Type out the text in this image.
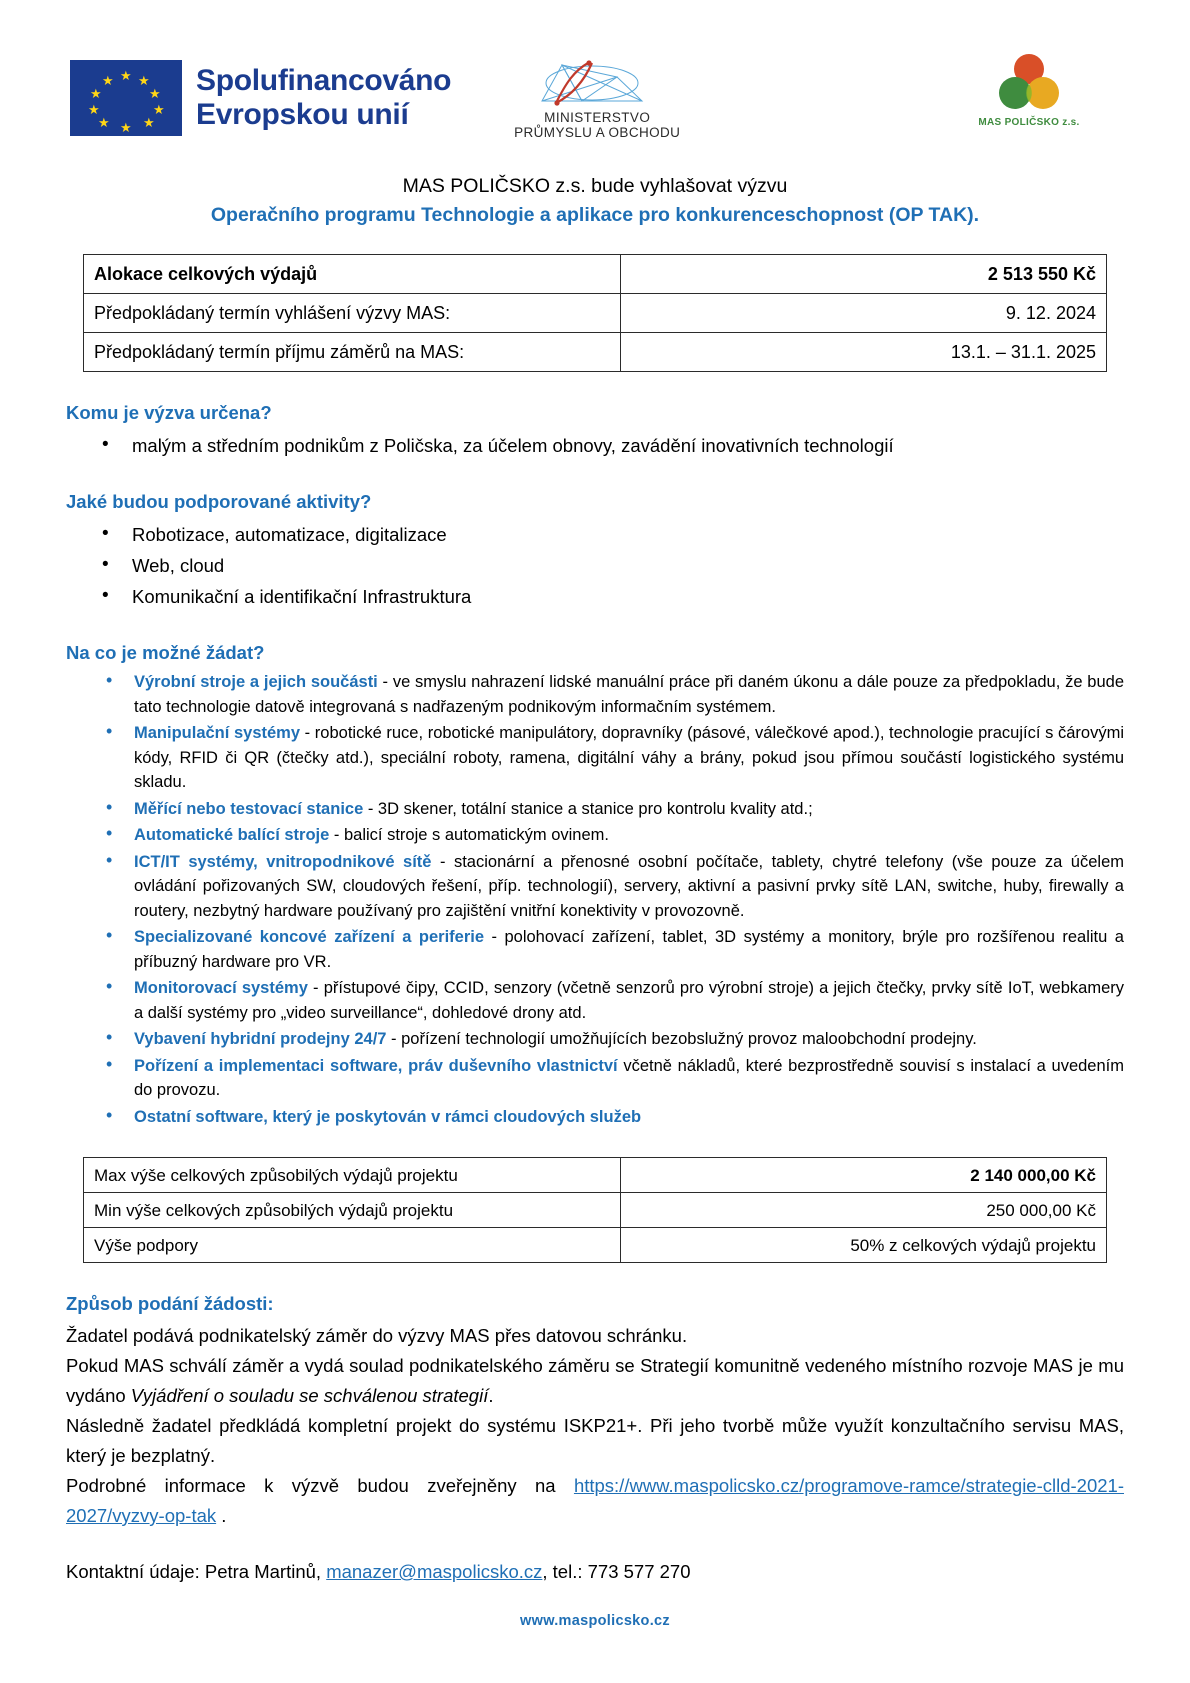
★ ★
★
★
★
★
★
★
★
★	Spolufinancováno
Evropskou unií	MINISTERSTVO
PRŮMYSLU A OBCHODU
MAS POLIČSKO z.s.
MAS POLIČSKO z.s. bude vyhlašovat výzvu
Operačního programu Technologie a aplikace pro konkurenceschopnost (OP TAK).
Alokace celkových výdajů	2 513 550 Kč
Předpokládaný termín vyhlášení výzvy MAS:	9. 12. 2024
Předpokládaný termín příjmu záměrů na MAS:	13.1. – 31.1. 2025
Komu je výzva určena?
• malým a středním podnikům z Poličska, za účelem obnovy, zavádění inovativních technologií
Jaké budou podporované aktivity?
• Robotizace, automatizace, digitalizace
• Web, cloud
• Komunikační a identifikační Infrastruktura
Na co je možné žádat?
• Výrobní stroje a jejich součásti - ve smyslu nahrazení lidské manuální práce při daném úkonu a dále pouze za předpokladu, že bude tato technologie datově integrovaná s nadřazeným podnikovým informačním systémem.
• Manipulační systémy - robotické ruce, robotické manipulátory, dopravníky (pásové, válečkové apod.), technologie pracující s čárovými kódy, RFID či QR (čtečky atd.), speciální roboty, ramena, digitální váhy a brány, pokud jsou přímou součástí logistického systému skladu.
• Měřící nebo testovací stanice - 3D skener, totální stanice a stanice pro kontrolu kvality atd.;
• Automatické balící stroje - balicí stroje s automatickým ovinem.
• ICT/IT systémy, vnitropodnikové sítě - stacionární a přenosné osobní počítače, tablety, chytré telefony (vše pouze za účelem ovládání pořizovaných SW, cloudových řešení, příp. technologií), servery, aktivní a pasivní prvky sítě LAN, switche, huby, firewally a routery, nezbytný hardware používaný pro zajištění vnitřní konektivity v provozovně.
• Specializované koncové zařízení a periferie - polohovací zařízení, tablet, 3D systémy a monitory, brýle pro rozšířenou realitu a příbuzný hardware pro VR.
• Monitorovací systémy - přístupové čipy, CCID, senzory (včetně senzorů pro výrobní stroje) a jejich čtečky, prvky sítě IoT, webkamery a další systémy pro „video surveillance“, dohledové drony atd.
• Vybavení hybridní prodejny 24/7 - pořízení technologií umožňujících bezobslužný provoz maloobchodní prodejny.
• Pořízení a implementaci software, práv duševního vlastnictví včetně nákladů, které bezprostředně souvisí s instalací a uvedením do provozu.
• Ostatní software, který je poskytován v rámci cloudových služeb
Max výše celkových způsobilých výdajů projektu	2 140 000,00 Kč
Min výše celkových způsobilých výdajů projektu	250 000,00 Kč
Výše podpory	50% z celkových výdajů projektu
Způsob podání žádosti:

Žadatel podává podnikatelský záměr do výzvy MAS přes datovou schránku.

Pokud MAS schválí záměr a vydá soulad podnikatelského záměru se Strategií komunitně vedeného místního rozvoje MAS je mu vydáno Vyjádření o souladu se schválenou strategií.

Následně žadatel předkládá kompletní projekt do systému ISKP21+. Při jeho tvorbě může využít konzultačního servisu MAS, který je bezplatný.

Podrobné informace k výzvě budou zveřejněny na https://www.maspolicsko.cz/programove-ramce/strategie-clld-2021-2027/vyzvy-op-tak .

Kontaktní údaje: Petra Martinů, manazer@maspolicsko.cz, tel.: 773 577 270

www.maspolicsko.cz
